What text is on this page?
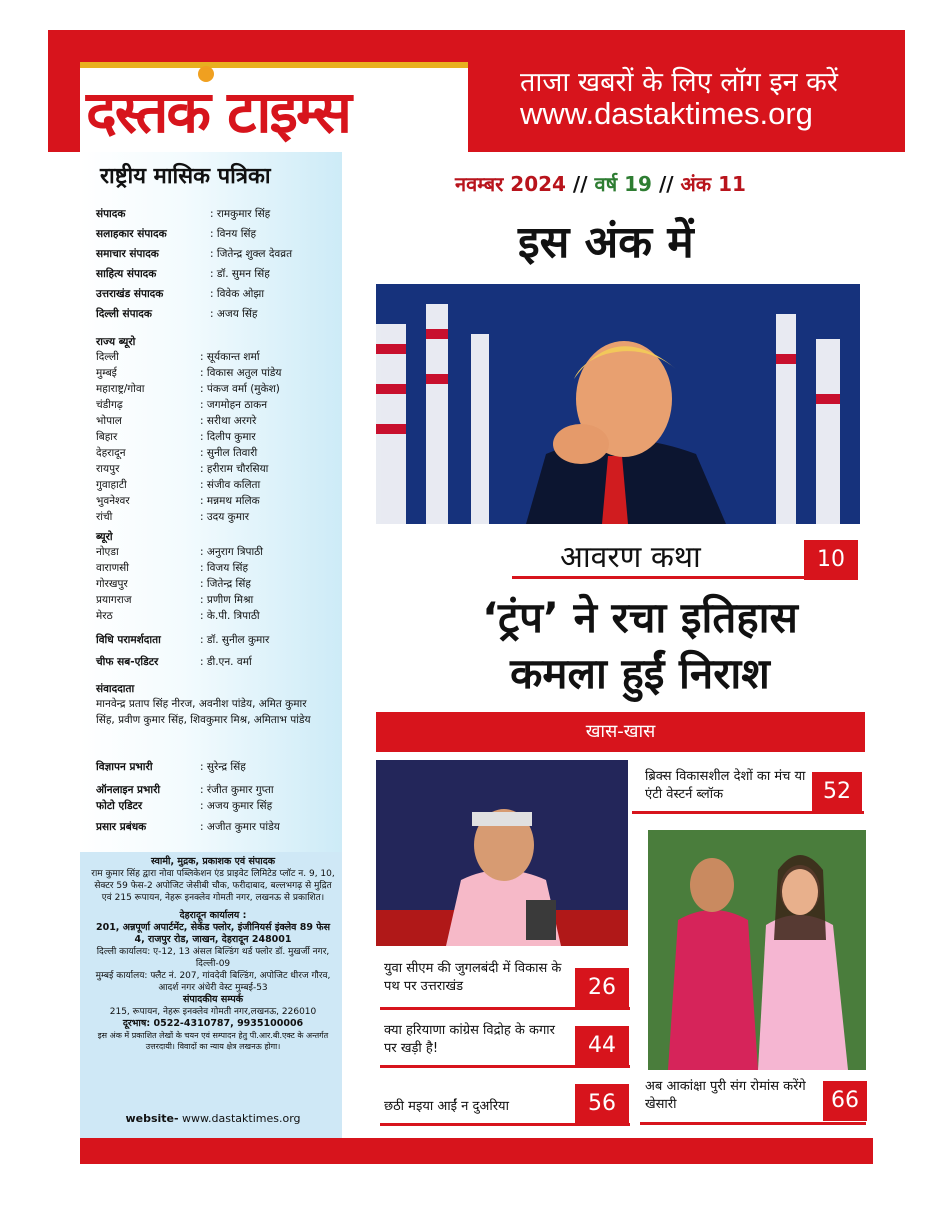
दस्तक टाइम्स	ताजा खबरों के लिए लॉग इन करें
www.dastaktimes.org
राष्ट्रीय मासिक पत्रिका
संपादक	: रामकुमार सिंह
सलाहकार संपादक	: विनय सिंह
समाचार संपादक	: जितेन्द्र शुक्ल देवव्रत
साहित्य संपादक	: डॉ. सुमन सिंह
उत्तराखंड संपादक	: विवेक ओझा
दिल्ली संपादक	: अजय सिंह
राज्य ब्यूरो
दिल्ली	: सूर्यकान्त शर्मा
मुम्बई	: विकास अतुल पांडेय
महाराष्ट्र/गोवा	: पंकज वर्मा (मुकेश)
चंडीगढ़	: जगमोहन ठाकन
भोपाल	: सरीथा अरगरे
बिहार	: दिलीप कुमार
देहरादून	: सुनील तिवारी
रायपुर	: हरीराम चौरसिया
गुवाहाटी	: संजीव कलिता
भुवनेश्वर	: मन्नमथ मलिक
रांची	: उदय कुमार
ब्यूरो
नोएडा	: अनुराग त्रिपाठी
वाराणसी	: विजय सिंह
गोरखपुर	: जितेन्द्र सिंह
प्रयागराज	: प्रणीण मिश्रा
मेरठ	: के.पी. त्रिपाठी
विधि परामर्शदाता	: डॉ. सुनील कुमार
चीफ सब-एडिटर	: डी.एन. वर्मा
संवाददाता
मानवेन्द्र प्रताप सिंह नीरज, अवनीश पांडेय, अमित कुमार सिंह, प्रवीण कुमार सिंह, शिवकुमार मिश्र, अमिताभ पांडेय
विज्ञापन प्रभारी	: सुरेन्द्र सिंह
ऑनलाइन प्रभारी	: रंजीत कुमार गुप्ता
फोटो एडिटर	: अजय कुमार सिंह
प्रसार प्रबंधक	: अजीत कुमार पांडेय
स्वामी, मुद्रक, प्रकाशक एवं संपादक
राम कुमार सिंह द्वारा नोवा पब्लिकेशन एंड प्राइवेट लिमिटेड प्लॉट न. 9, 10, सेक्टर 59 फेस-2 अपोजिट जेसीबी चौक, फरीदाबाद, बल्लभगढ़ से मुद्रित एवं 215 रूपायन, नेहरू इनक्लेव गोमती नगर, लखनऊ से प्रकाशित।
देहरादून कार्यालय :
201, अन्नपूर्णा अपार्टमेंट, सेकेंड फ्लोर, इंजीनियर्स इंक्लेव 89 फेस 4, राजपुर रोड, जाखन, देहरादून 248001
दिल्ली कार्यालय: ए-12, 13 अंसल बिल्डिंग थर्ड फ्लोर डॉ. मुखर्जी नगर, दिल्ली-09
मुम्बई कार्यालय: फ्लैट नं. 207, गांवदेवी बिल्डिंग, अपोजिट धीरज गौरव, आदर्श नगर अंधेरी वेस्ट मुम्बई-53
संपादकीय सम्पर्क
215, रूपायन, नेहरू इनक्लेव गोमती नगर,लखनऊ, 226010
दूरभाष: 0522-4310787, 9935100006
इस अंक में प्रकाशित लेखों के चयन एवं सम्पादन हेतु पी.आर.बी.एक्ट के अन्तर्गत उत्तरदायी। विवादों का न्याय क्षेत्र लखनऊ होगा।
website- www.dastaktimes.org
नवम्बर 2024 // वर्ष 19 // अंक 11
इस अंक में
आवरण कथा	10
‘ट्रंप’ ने रचा इतिहास
कमला हुईं निराश
खास-खास
ब्रिक्स विकासशील देशों का मंच या एंटी वेस्टर्न ब्लॉक	52
युवा सीएम की जुगलबंदी में विकास के पथ पर उत्तराखंड	26
क्या हरियाणा कांग्रेस विद्रोह के कगार पर खड़ी है!	44
छठी मइया आईं न दुअरिया	56
अब आकांक्षा पुरी संग रोमांस करेंगे खेसारी	66
